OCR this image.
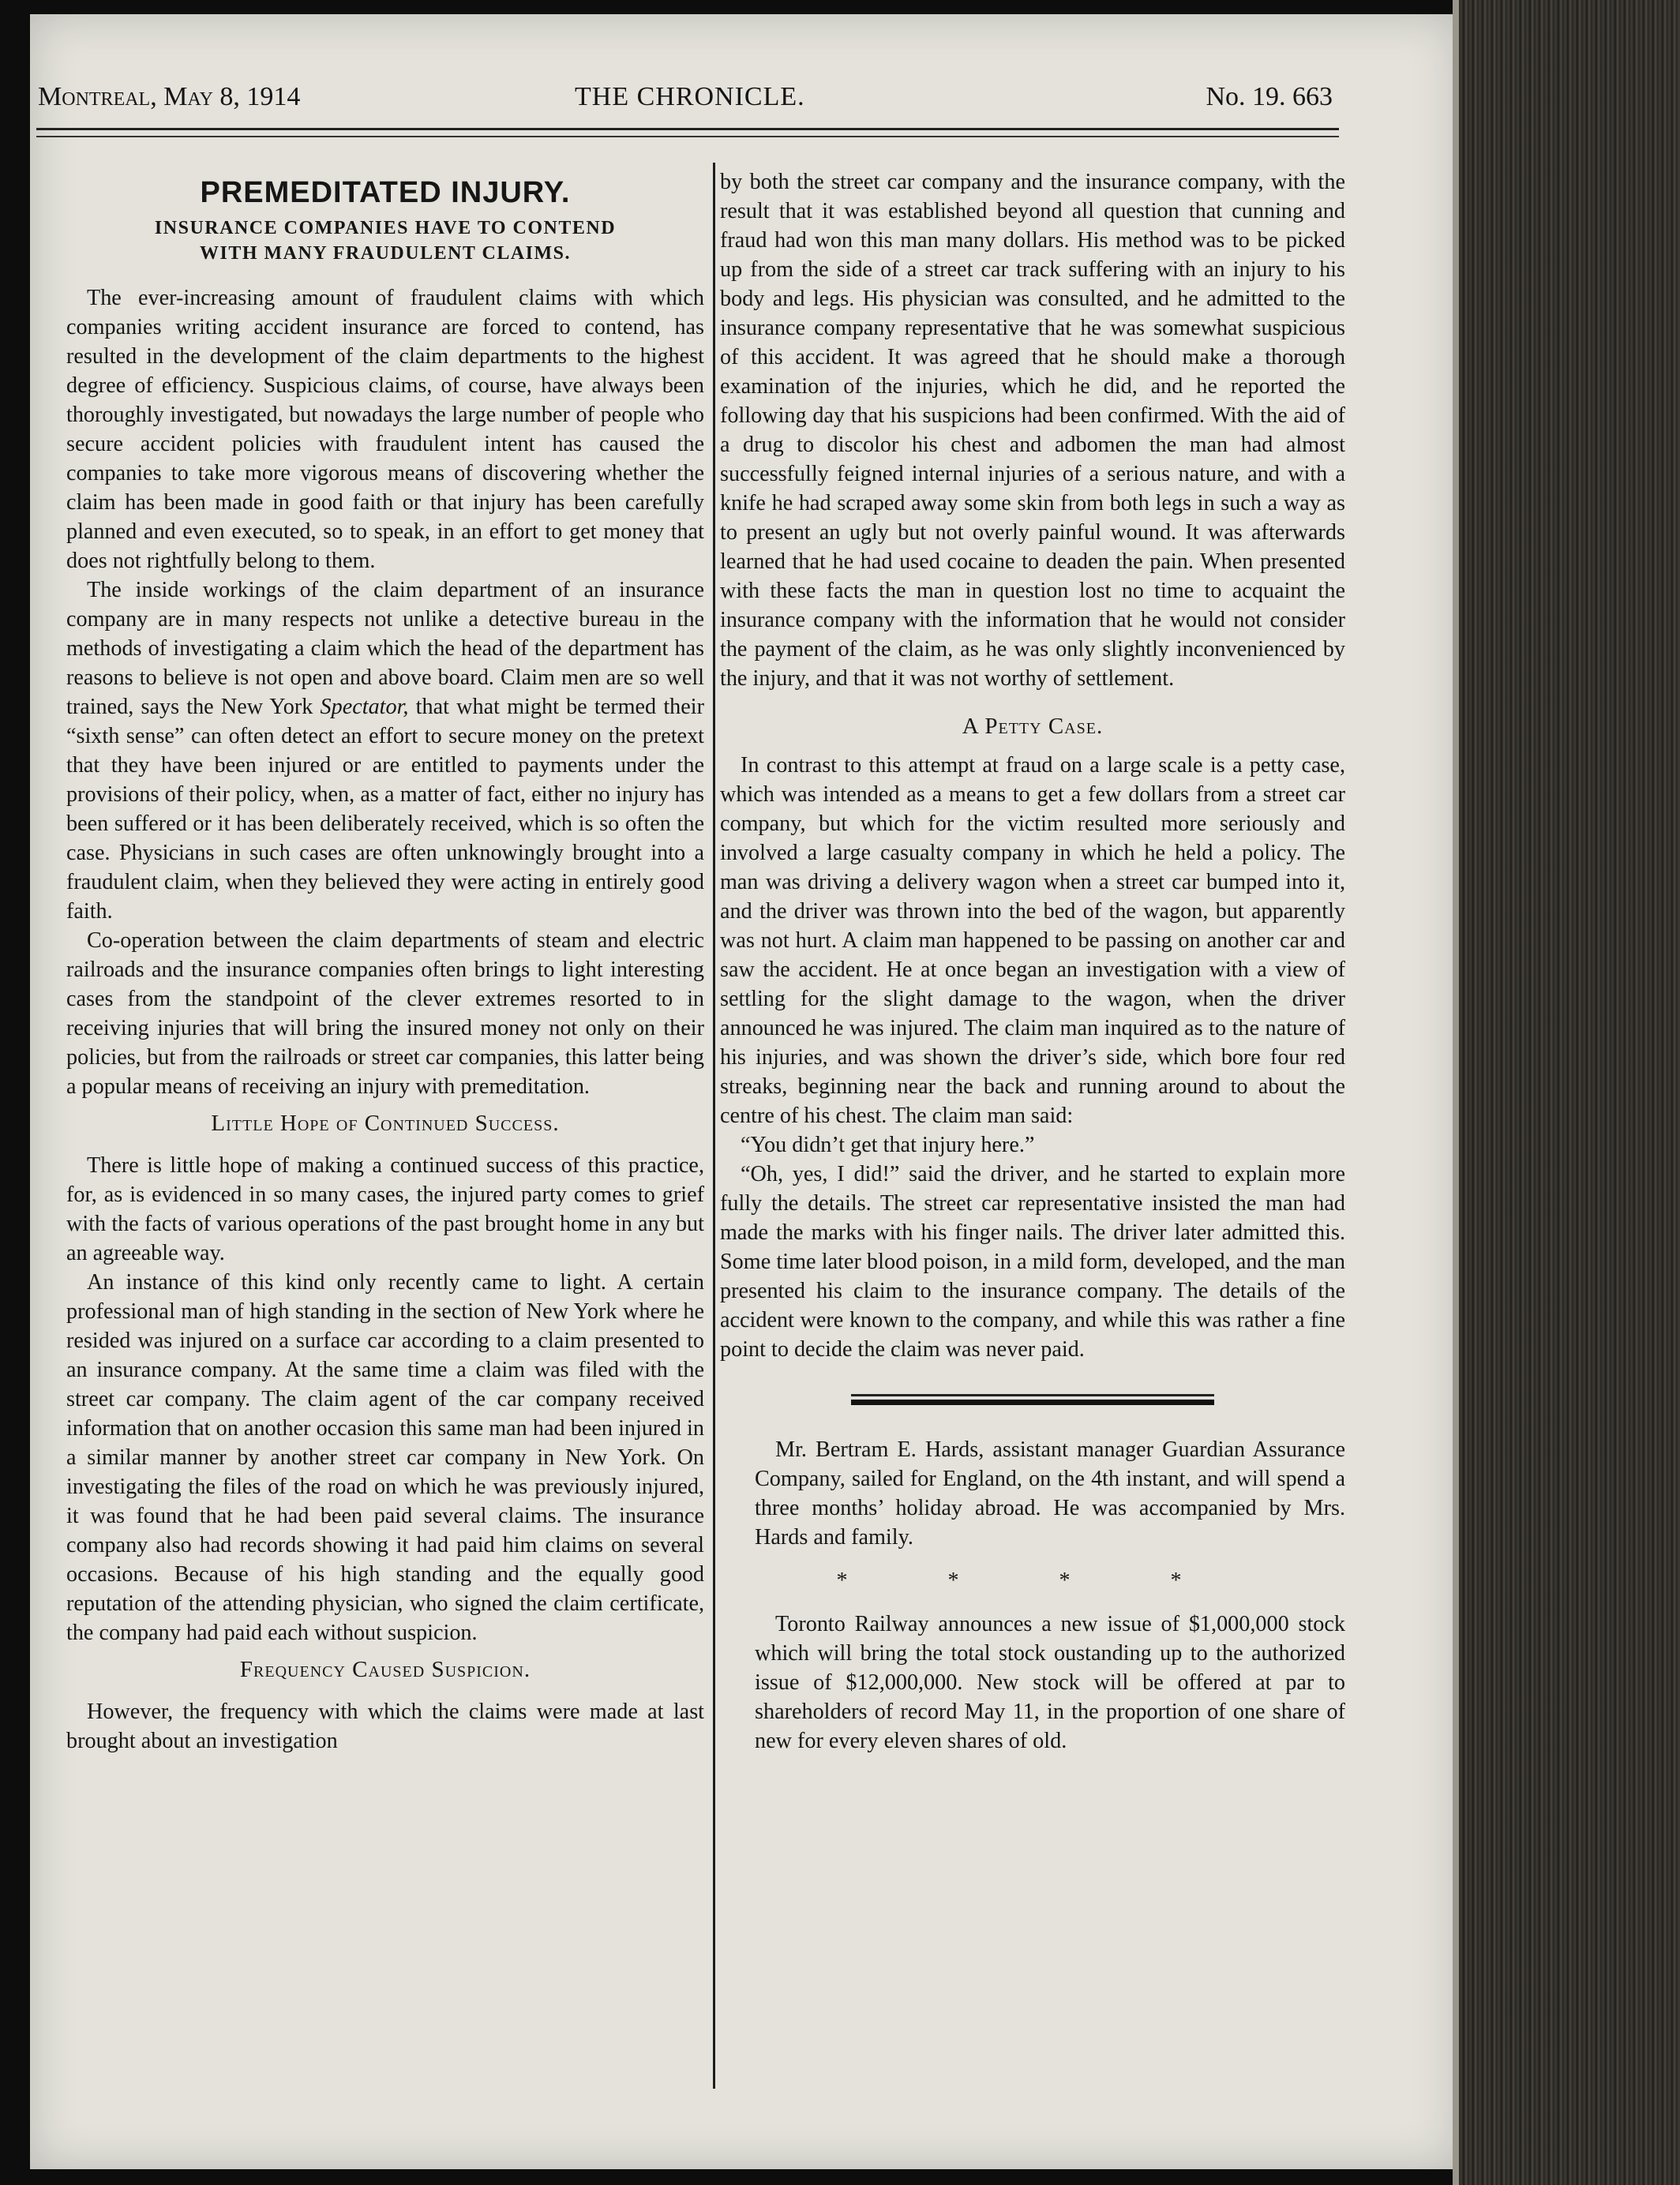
Montreal, May 8, 1914	THE CHRONICLE.	No. 19. 663
PREMEDITATED INJURY.
INSURANCE COMPANIES HAVE TO CONTEND
WITH MANY FRAUDULENT CLAIMS.

The ever-increasing amount of fraudulent claims with which companies writing accident insurance are forced to contend, has resulted in the development of the claim departments to the highest degree of efficiency. Suspicious claims, of course, have always been thoroughly investigated, but nowadays the large number of people who secure accident policies with fraudulent intent has caused the companies to take more vigorous means of discovering whether the claim has been made in good faith or that injury has been carefully planned and even executed, so to speak, in an effort to get money that does not rightfully belong to them.

The inside workings of the claim department of an insurance company are in many respects not unlike a detective bureau in the methods of investigating a claim which the head of the department has reasons to believe is not open and above board. Claim men are so well trained, says the New York Spectator, that what might be termed their “sixth sense” can often detect an effort to secure money on the pretext that they have been injured or are entitled to payments under the provisions of their policy, when, as a matter of fact, either no injury has been suffered or it has been deliberately received, which is so often the case. Physicians in such cases are often unknowingly brought into a fraudulent claim, when they believed they were acting in entirely good faith.

Co-operation between the claim departments of steam and electric railroads and the insurance companies often brings to light interesting cases from the standpoint of the clever extremes resorted to in receiving injuries that will bring the insured money not only on their policies, but from the railroads or street car companies, this latter being a popular means of receiving an injury with premeditation.

Little Hope of Continued Success.

There is little hope of making a continued success of this practice, for, as is evidenced in so many cases, the injured party comes to grief with the facts of various operations of the past brought home in any but an agreeable way.

An instance of this kind only recently came to light. A certain professional man of high standing in the section of New York where he resided was injured on a surface car according to a claim presented to an insurance company. At the same time a claim was filed with the street car company. The claim agent of the car company received information that on another occasion this same man had been injured in a similar manner by another street car company in New York. On investigating the files of the road on which he was previously injured, it was found that he had been paid several claims. The insurance company also had records showing it had paid him claims on several occasions. Because of his high standing and the equally good reputation of the attending physician, who signed the claim certificate, the company had paid each without suspicion.

Frequency Caused Suspicion.

However, the frequency with which the claims were made at last brought about an investigation

by both the street car company and the insurance company, with the result that it was established beyond all question that cunning and fraud had won this man many dollars. His method was to be picked up from the side of a street car track suffering with an injury to his body and legs. His physician was consulted, and he admitted to the insurance company representative that he was somewhat suspicious of this accident. It was agreed that he should make a thorough examination of the injuries, which he did, and he reported the following day that his suspicions had been confirmed. With the aid of a drug to discolor his chest and adbomen the man had almost successfully feigned internal injuries of a serious nature, and with a knife he had scraped away some skin from both legs in such a way as to present an ugly but not overly painful wound. It was afterwards learned that he had used cocaine to deaden the pain. When presented with these facts the man in question lost no time to acquaint the insurance company with the information that he would not consider the payment of the claim, as he was only slightly inconvenienced by the injury, and that it was not worthy of settlement.

A Petty Case.

In contrast to this attempt at fraud on a large scale is a petty case, which was intended as a means to get a few dollars from a street car company, but which for the victim resulted more seriously and involved a large casualty company in which he held a policy. The man was driving a delivery wagon when a street car bumped into it, and the driver was thrown into the bed of the wagon, but apparently was not hurt. A claim man happened to be passing on another car and saw the accident. He at once began an investigation with a view of settling for the slight damage to the wagon, when the driver announced he was injured. The claim man inquired as to the nature of his injuries, and was shown the driver’s side, which bore four red streaks, beginning near the back and running around to about the centre of his chest. The claim man said:

“You didn’t get that injury here.”

“Oh, yes, I did!” said the driver, and he started to explain more fully the details. The street car representative insisted the man had made the marks with his finger nails. The driver later admitted this. Some time later blood poison, in a mild form, developed, and the man presented his claim to the insurance company. The details of the accident were known to the company, and while this was rather a fine point to decide the claim was never paid.

Mr. Bertram E. Hards, assistant manager Guardian Assurance Company, sailed for England, on the 4th instant, and will spend a three months’ holiday abroad. He was accompanied by Mrs. Hards and family.

* * * *

Toronto Railway announces a new issue of $1,000,000 stock which will bring the total stock oustanding up to the authorized issue of $12,000,000. New stock will be offered at par to shareholders of record May 11, in the proportion of one share of new for every eleven shares of old.
